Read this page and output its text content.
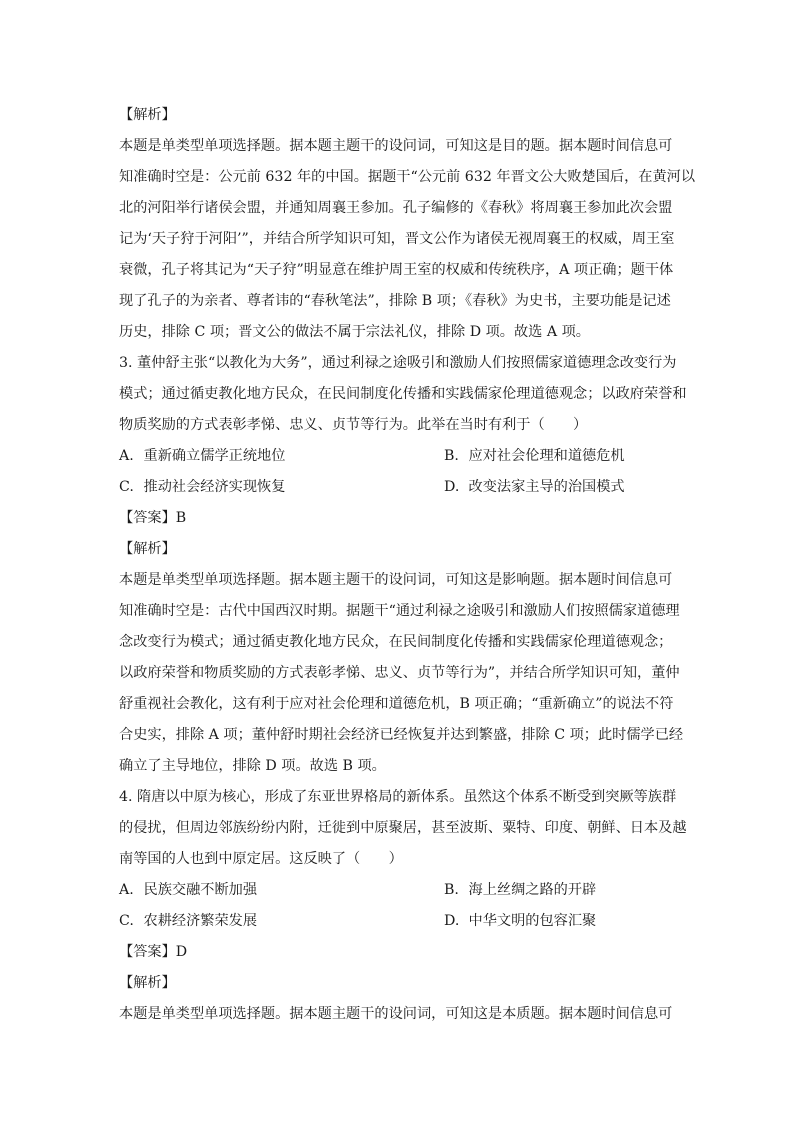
【解析】
本题是单类型单项选择题。据本题主题干的设问词，可知这是目的题。据本题时间信息可
知准确时空是：公元前 632 年的中国。据题干“公元前 632 年晋文公大败楚国后，在黄河以
北的河阳举行诸侯会盟，并通知周襄王参加。孔子编修的《春秋》将周襄王参加此次会盟
记为‘天子狩于河阳’”，并结合所学知识可知，晋文公作为诸侯无视周襄王的权威，周王室
衰微，孔子将其记为“天子狩”明显意在维护周王室的权威和传统秩序，A 项正确；题干体
现了孔子的为亲者、尊者讳的“春秋笔法”，排除 B 项；《春秋》为史书，主要功能是记述
历史，排除 C 项；晋文公的做法不属于宗法礼仪，排除 D 项。故选 A 项。
3. 董仲舒主张“以教化为大务”，通过利禄之途吸引和激励人们按照儒家道德理念改变行为
模式；通过循吏教化地方民众，在民间制度化传播和实践儒家伦理道德观念；以政府荣誉和
物质奖励的方式表彰孝悌、忠义、贞节等行为。此举在当时有利于（　　）
A. 重新确立儒学正统地位	B. 应对社会伦理和道德危机
C. 推动社会经济实现恢复	D. 改变法家主导的治国模式
【答案】B
【解析】
本题是单类型单项选择题。据本题主题干的设问词，可知这是影响题。据本题时间信息可
知准确时空是：古代中国西汉时期。据题干“通过利禄之途吸引和激励人们按照儒家道德理
念改变行为模式；通过循吏教化地方民众，在民间制度化传播和实践儒家伦理道德观念；
以政府荣誉和物质奖励的方式表彰孝悌、忠义、贞节等行为”，并结合所学知识可知，董仲
舒重视社会教化，这有利于应对社会伦理和道德危机，B 项正确；“重新确立”的说法不符
合史实，排除 A 项；董仲舒时期社会经济已经恢复并达到繁盛，排除 C 项；此时儒学已经
确立了主导地位，排除 D 项。故选 B 项。
4. 隋唐以中原为核心，形成了东亚世界格局的新体系。虽然这个体系不断受到突厥等族群
的侵扰，但周边邻族纷纷内附，迁徙到中原聚居，甚至波斯、粟特、印度、朝鲜、日本及越
南等国的人也到中原定居。这反映了（　　）
A. 民族交融不断加强	B. 海上丝绸之路的开辟
C. 农耕经济繁荣发展	D. 中华文明的包容汇聚
【答案】D
【解析】
本题是单类型单项选择题。据本题主题干的设问词，可知这是本质题。据本题时间信息可
